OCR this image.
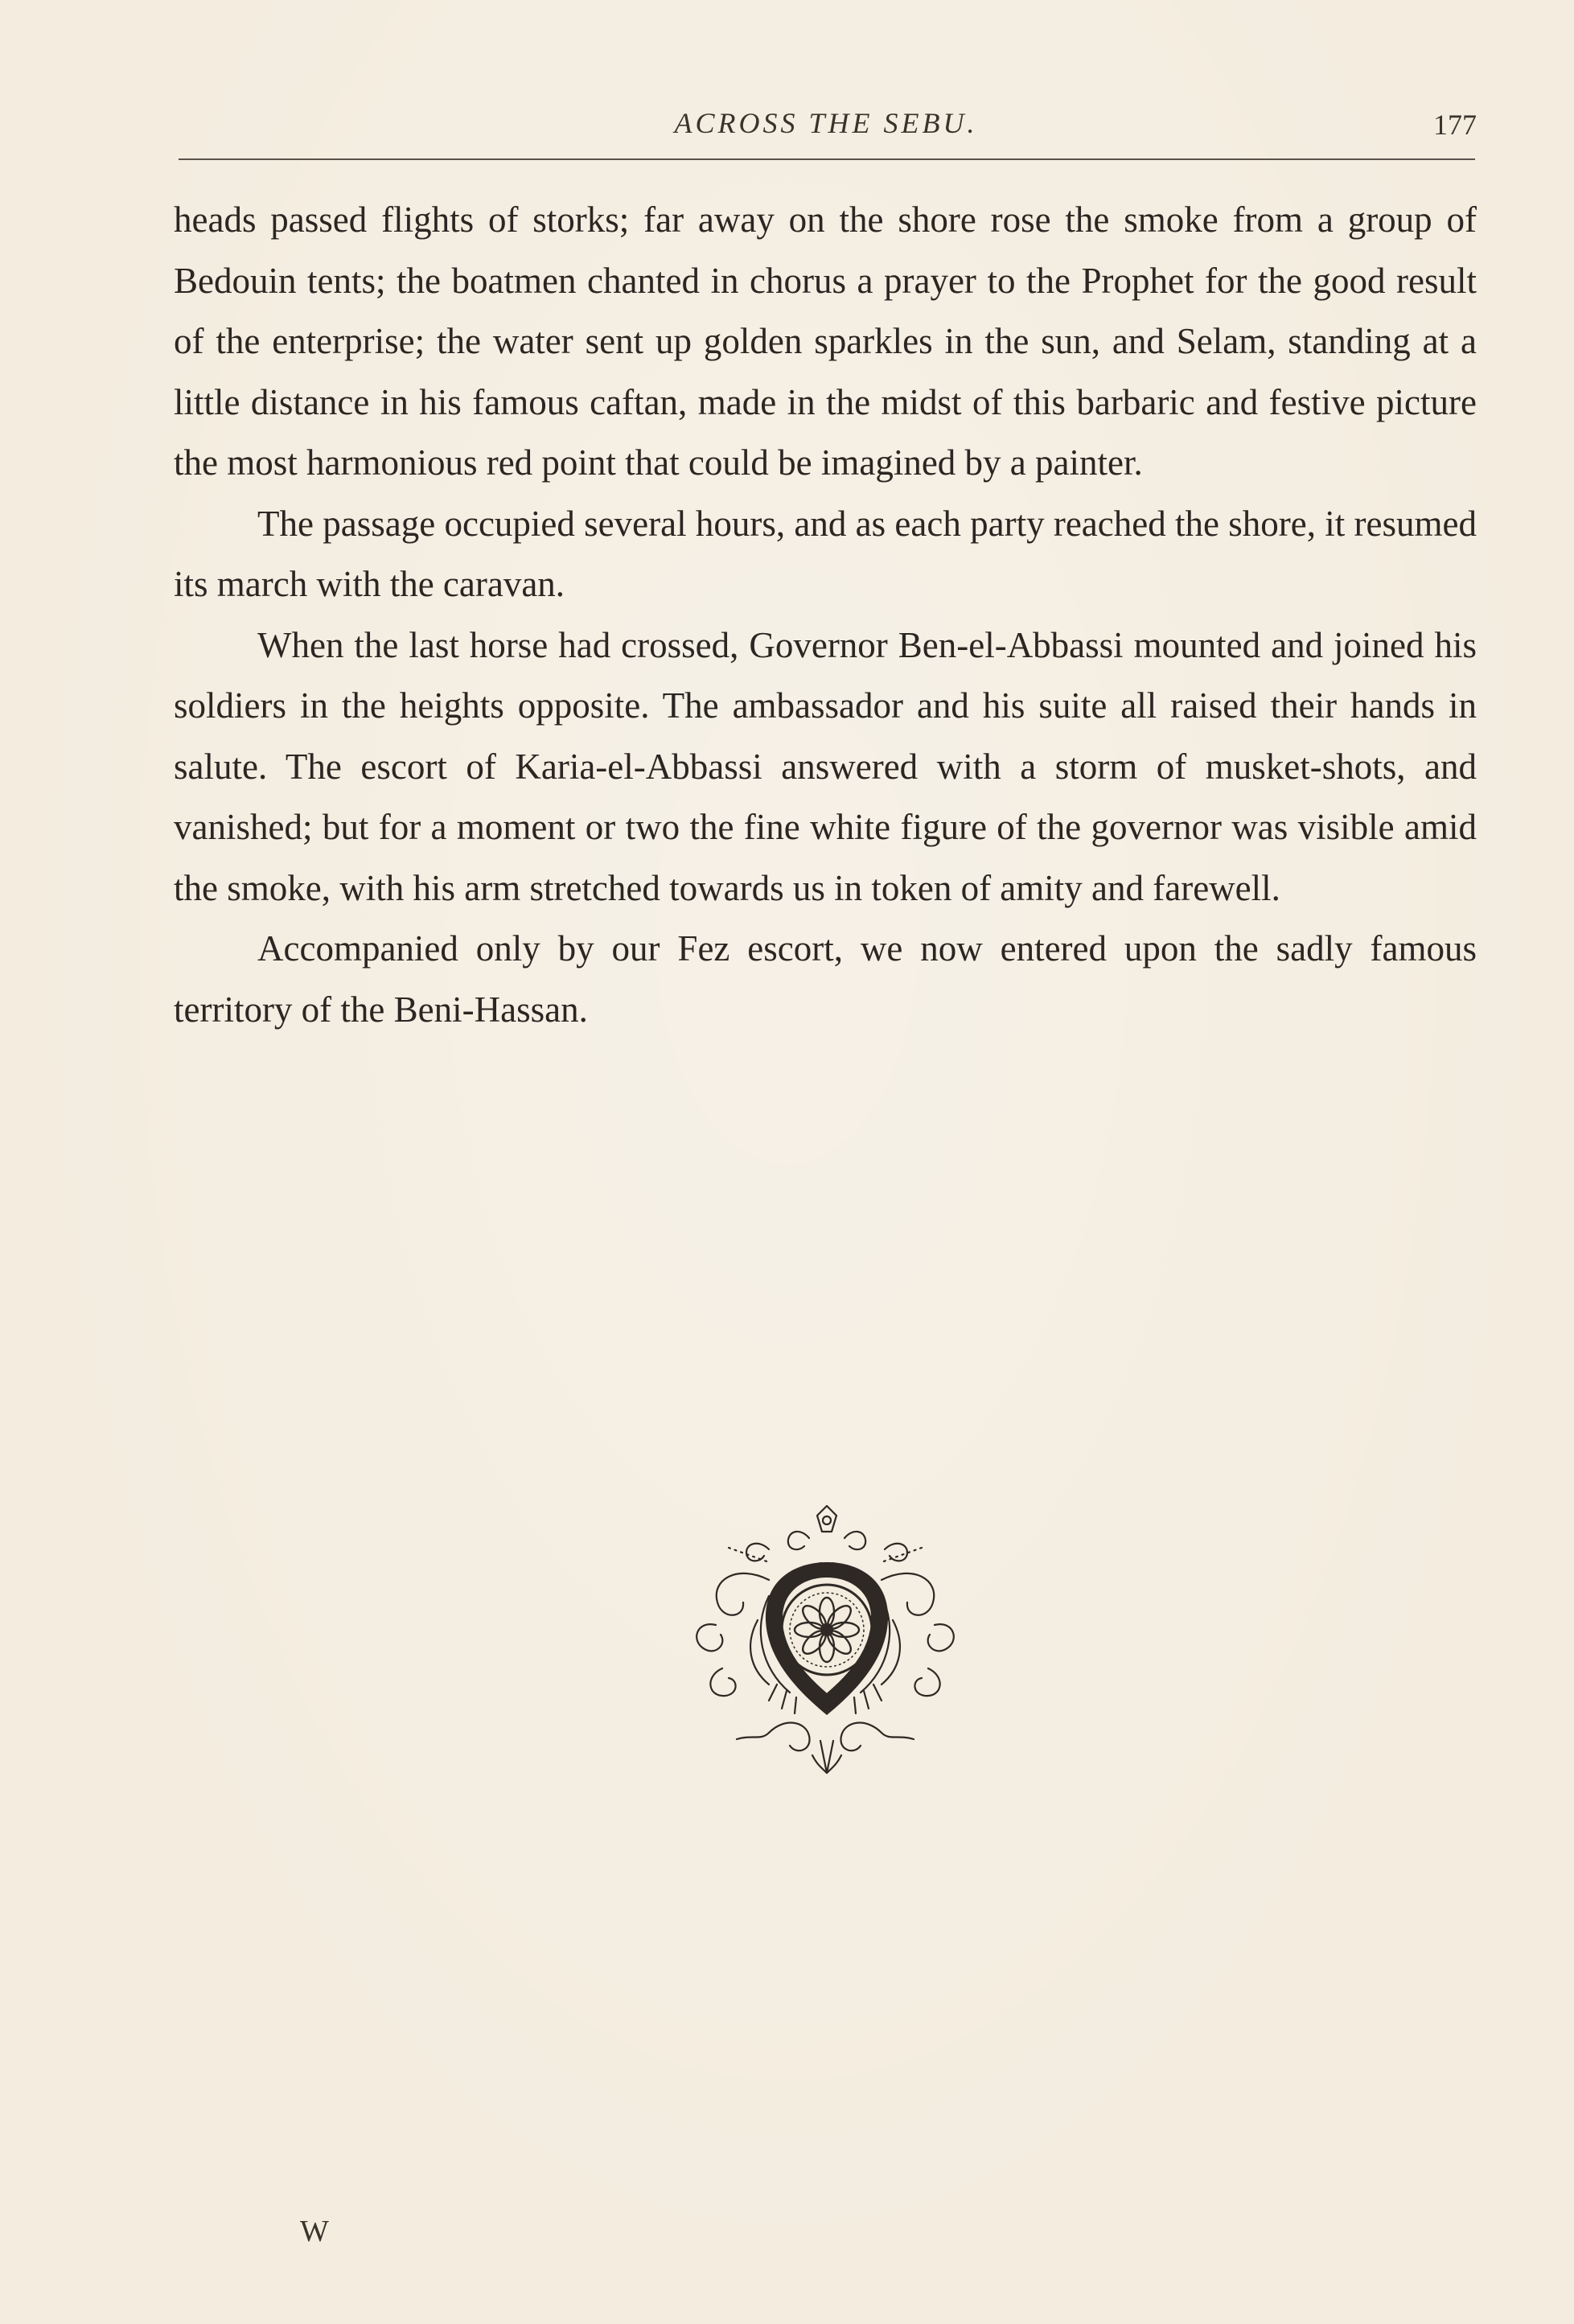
ACROSS THE SEBU.	177

heads passed flights of storks; far away on the shore rose the smoke from a group of Bedouin tents; the boatmen chanted in chorus a prayer to the Prophet for the good result of the enterprise; the water sent up golden sparkles in the sun, and Selam, standing at a little distance in his famous caftan, made in the midst of this barbaric and festive picture the most harmonious red point that could be imagined by a painter.

The passage occupied several hours, and as each party reached the shore, it resumed its march with the caravan.

When the last horse had crossed, Governor Ben-el-Abbassi mounted and joined his soldiers in the heights opposite. The ambassador and his suite all raised their hands in salute. The escort of Karia-el-Abbassi answered with a storm of musket-shots, and vanished; but for a moment or two the fine white figure of the governor was visible amid the smoke, with his arm stretched towards us in token of amity and farewell.

Accompanied only by our Fez escort, we now entered upon the sadly famous territory of the Beni-Hassan.

W
